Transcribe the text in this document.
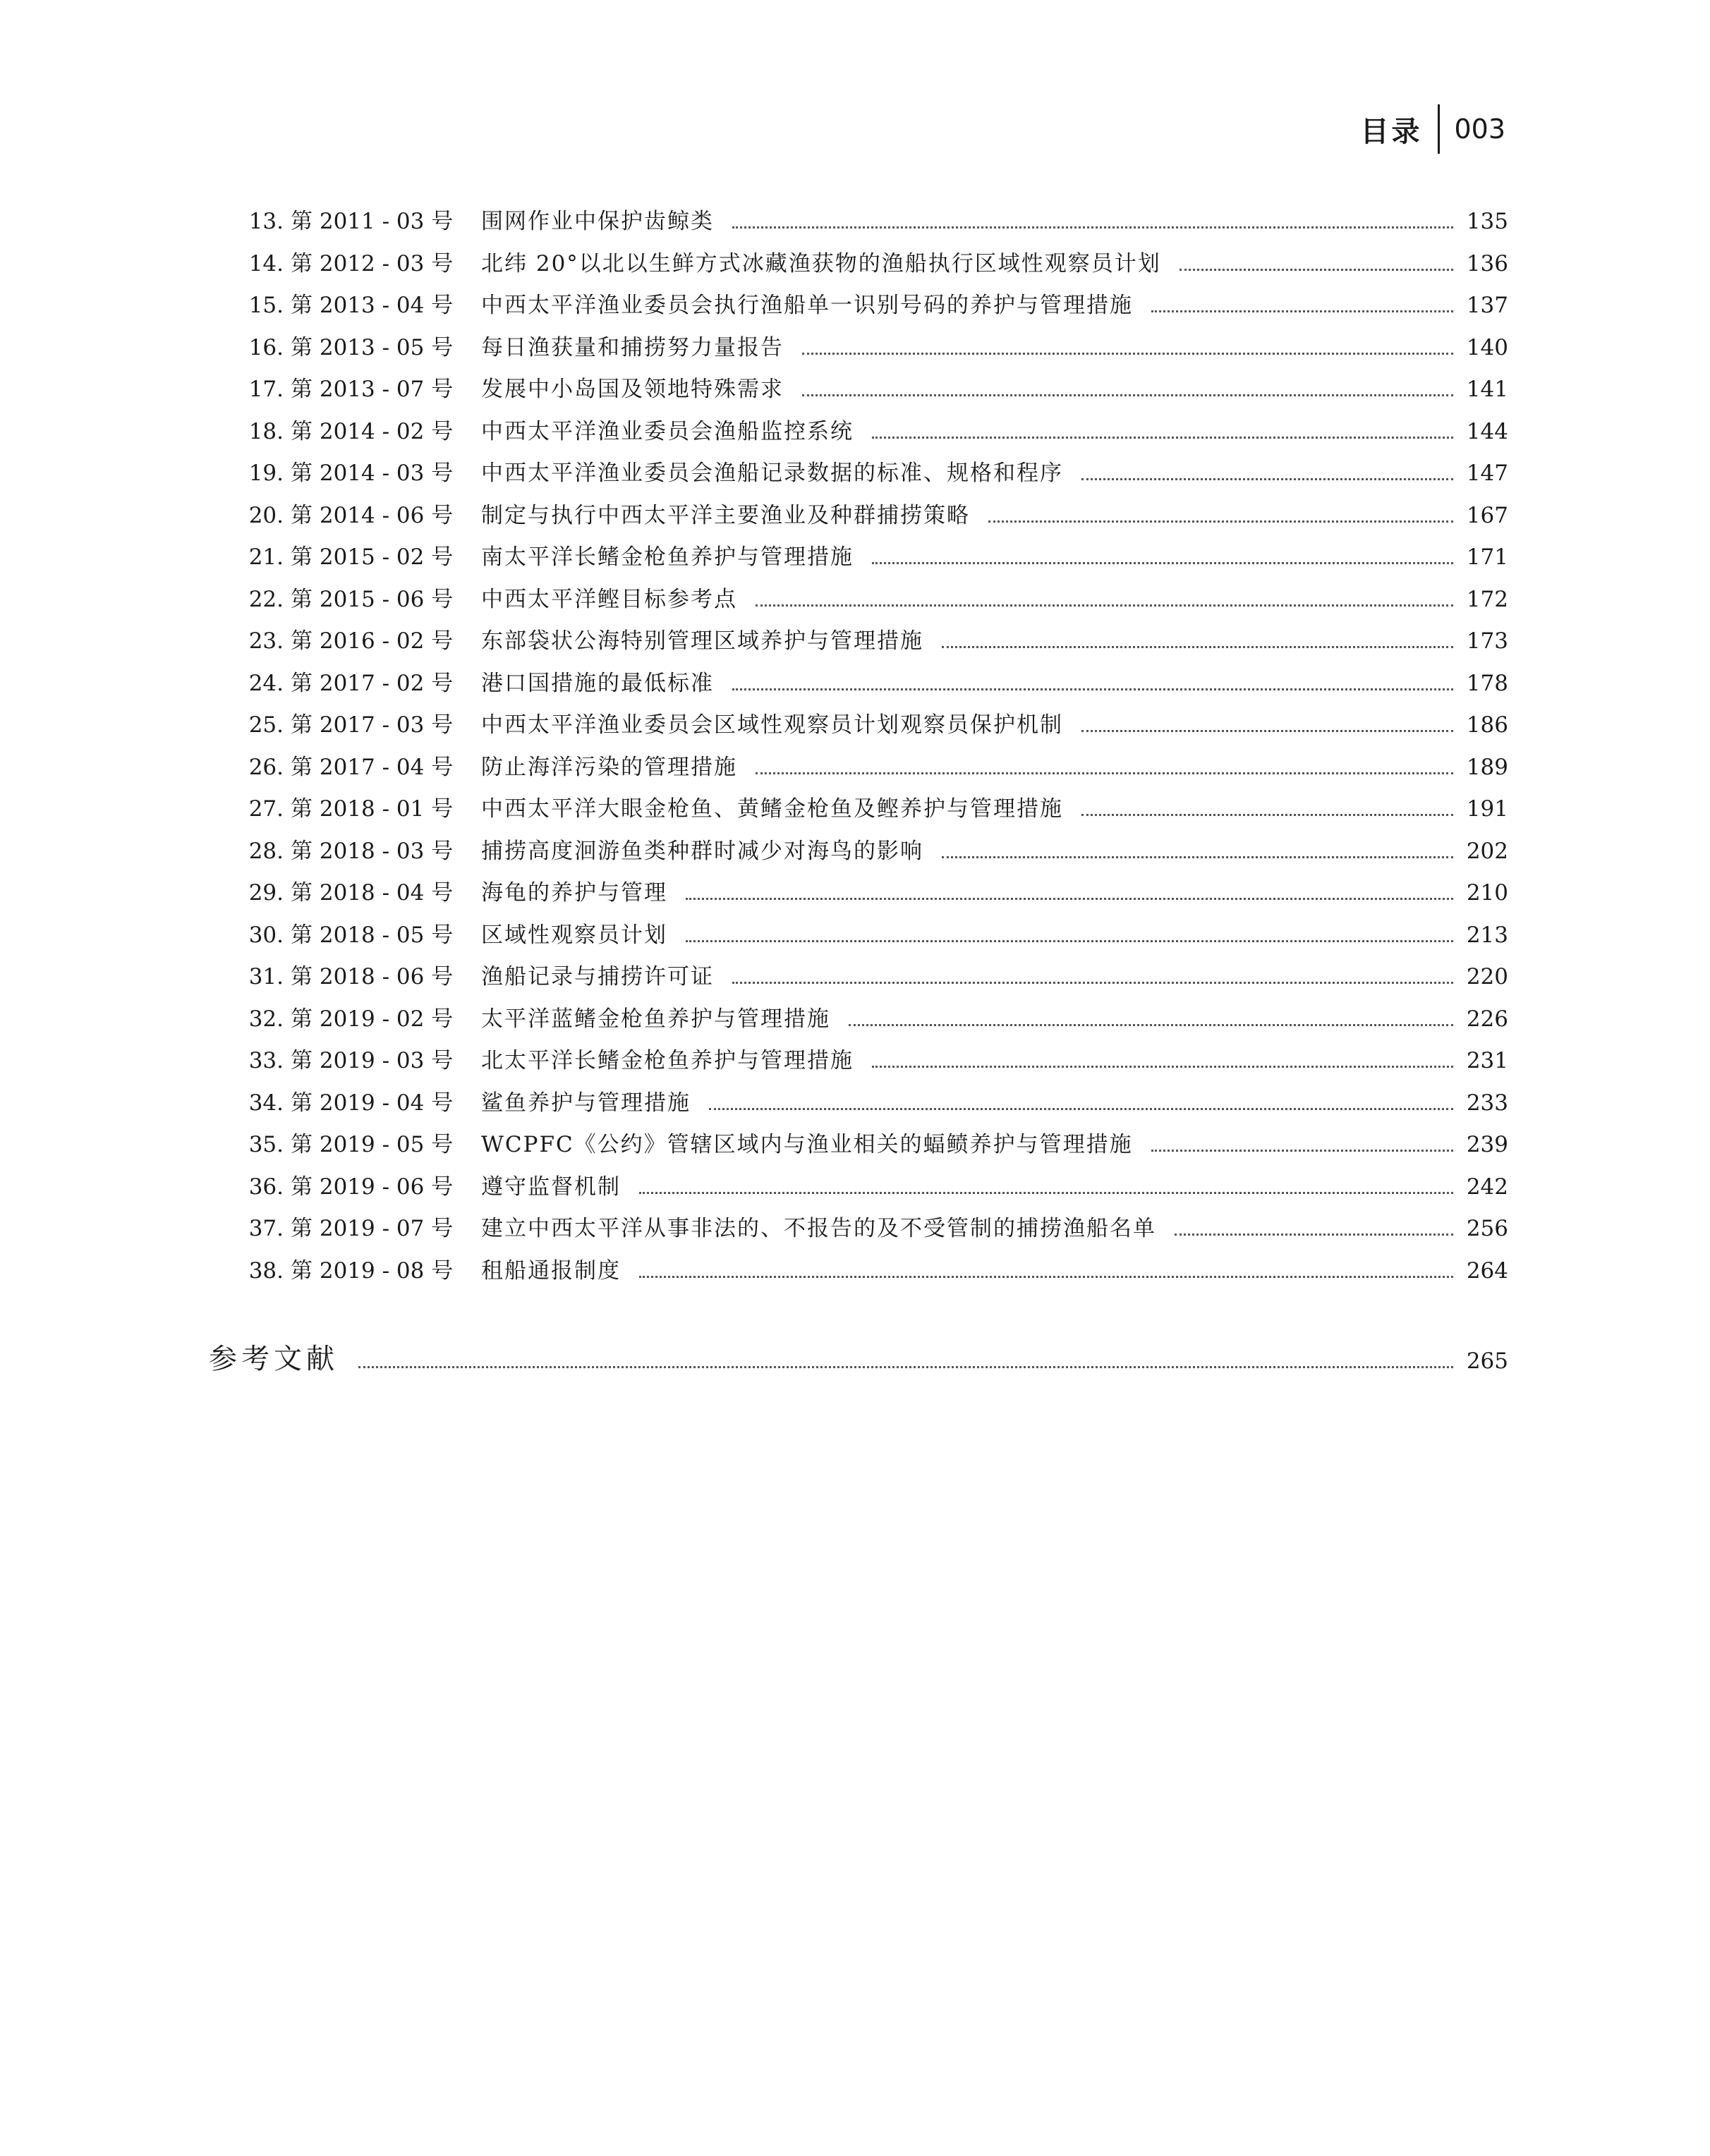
目录	003
13. 第 2011 - 03 号	围网作业中保护齿鲸类	135
14. 第 2012 - 03 号	北纬 20°以北以生鲜方式冰藏渔获物的渔船执行区域性观察员计划	136
15. 第 2013 - 04 号	中西太平洋渔业委员会执行渔船单一识别号码的养护与管理措施	137
16. 第 2013 - 05 号	每日渔获量和捕捞努力量报告	140
17. 第 2013 - 07 号	发展中小岛国及领地特殊需求	141
18. 第 2014 - 02 号	中西太平洋渔业委员会渔船监控系统	144
19. 第 2014 - 03 号	中西太平洋渔业委员会渔船记录数据的标准、规格和程序	147
20. 第 2014 - 06 号	制定与执行中西太平洋主要渔业及种群捕捞策略	167
21. 第 2015 - 02 号	南太平洋长鳍金枪鱼养护与管理措施	171
22. 第 2015 - 06 号	中西太平洋鲣目标参考点	172
23. 第 2016 - 02 号	东部袋状公海特别管理区域养护与管理措施	173
24. 第 2017 - 02 号	港口国措施的最低标准	178
25. 第 2017 - 03 号	中西太平洋渔业委员会区域性观察员计划观察员保护机制	186
26. 第 2017 - 04 号	防止海洋污染的管理措施	189
27. 第 2018 - 01 号	中西太平洋大眼金枪鱼、黄鳍金枪鱼及鲣养护与管理措施	191
28. 第 2018 - 03 号	捕捞高度洄游鱼类种群时减少对海鸟的影响	202
29. 第 2018 - 04 号	海龟的养护与管理	210
30. 第 2018 - 05 号	区域性观察员计划	213
31. 第 2018 - 06 号	渔船记录与捕捞许可证	220
32. 第 2019 - 02 号	太平洋蓝鳍金枪鱼养护与管理措施	226
33. 第 2019 - 03 号	北太平洋长鳍金枪鱼养护与管理措施	231
34. 第 2019 - 04 号	鲨鱼养护与管理措施	233
35. 第 2019 - 05 号	WCPFC《公约》管辖区域内与渔业相关的蝠鲼养护与管理措施	239
36. 第 2019 - 06 号	遵守监督机制	242
37. 第 2019 - 07 号	建立中西太平洋从事非法的、不报告的及不受管制的捕捞渔船名单	256
38. 第 2019 - 08 号	租船通报制度	264
参考文献	265
